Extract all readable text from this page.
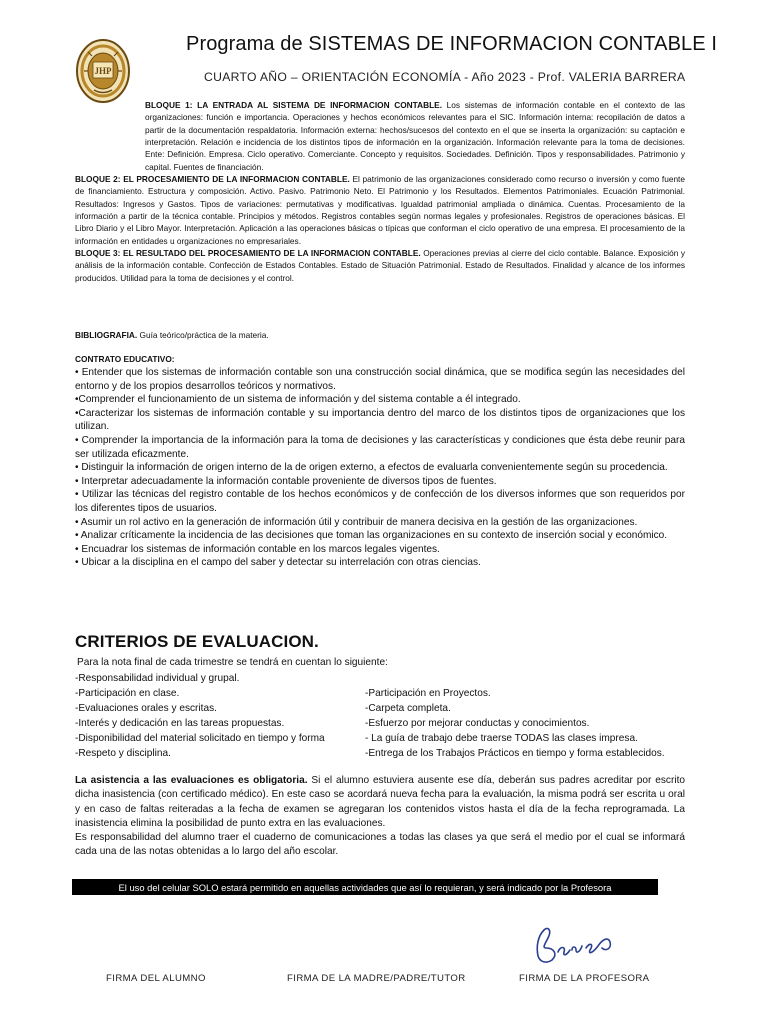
JHP
Programa de SISTEMAS DE INFORMACION CONTABLE I
CUARTO AÑO – ORIENTACIÓN ECONOMÍA - Año 2023 - Prof. VALERIA BARRERA

BLOQUE 1: LA ENTRADA AL SISTEMA DE INFORMACION CONTABLE. Los sistemas de información contable en el contexto de las organizaciones: función e importancia. Operaciones y hechos económicos relevantes para el SIC. Información interna: recopilación de datos a partir de la documentación respaldatoria. Información externa: hechos/sucesos del contexto en el que se inserta la organización: su captación e interpretación. Relación e incidencia de los distintos tipos de información en la organización. Información relevante para la toma de decisiones. Ente: Definición. Empresa. Ciclo operativo. Comerciante. Concepto y requisitos. Sociedades. Definición. Tipos y responsabilidades. Patrimonio y capital. Fuentes de financiación.

BLOQUE 2: EL PROCESAMIENTO DE LA INFORMACION CONTABLE. El patrimonio de las organizaciones considerado como recurso o inversión y como fuente de financiamiento. Estructura y composición. Activo. Pasivo. Patrimonio Neto. El Patrimonio y los Resultados. Elementos Patrimoniales. Ecuación Patrimonial. Resultados: Ingresos y Gastos. Tipos de variaciones: permutativas y modificativas. Igualdad patrimonial ampliada o dinámica. Cuentas. Procesamiento de la información a partir de la técnica contable. Principios y métodos. Registros contables según normas legales y profesionales. Registros de operaciones básicas. El Libro Diario y el Libro Mayor. Interpretación. Aplicación a las operaciones básicas o típicas que conforman el ciclo operativo de una empresa. El procesamiento de la información en entidades u organizaciones no empresariales.

BLOQUE 3: EL RESULTADO DEL PROCESAMIENTO DE LA INFORMACION CONTABLE. Operaciones previas al cierre del ciclo contable. Balance. Exposición y análisis de la información contable. Confección de Estados Contables. Estado de Situación Patrimonial. Estado de Resultados. Finalidad y alcance de los informes producidos. Utilidad para la toma de decisiones y el control.

BIBLIOGRAFIA. Guía teórico/práctica de la materia.
CONTRATO EDUCATIVO:

• Entender que los sistemas de información contable son una construcción social dinámica, que se modifica según las necesidades del entorno y de los propios desarrollos teóricos y normativos.

•Comprender el funcionamiento de un sistema de información y del sistema contable a él integrado.

•Caracterizar los sistemas de información contable y su importancia dentro del marco de los distintos tipos de organizaciones que los utilizan.

• Comprender la importancia de la información para la toma de decisiones y las características y condiciones que ésta debe reunir para ser utilizada eficazmente.

• Distinguir la información de origen interno de la de origen externo, a efectos de evaluarla convenientemente según su procedencia.

• Interpretar adecuadamente la información contable proveniente de diversos tipos de fuentes.

• Utilizar las técnicas del registro contable de los hechos económicos y de confección de los diversos informes que son requeridos por los diferentes tipos de usuarios.

• Asumir un rol activo en la generación de información útil y contribuir de manera decisiva en la gestión de las organizaciones.

• Analizar críticamente la incidencia de las decisiones que toman las organizaciones en su contexto de inserción social y económico.

• Encuadrar los sistemas de información contable en los marcos legales vigentes.

• Ubicar a la disciplina en el campo del saber y detectar su interrelación con otras ciencias.

CRITERIOS DE EVALUACION.
Para la nota final de cada trimestre se tendrá en cuentan lo siguiente:
-Responsabilidad individual y grupal.
-Participación en clase.
-Evaluaciones orales y escritas.
-Interés y dedicación en las tareas propuestas.
-Disponibilidad del material solicitado en tiempo y forma
-Respeto y disciplina.
-Participación en Proyectos.
-Carpeta completa.
-Esfuerzo por mejorar conductas y conocimientos.
- La guía de trabajo debe traerse TODAS las clases impresa.
-Entrega de los Trabajos Prácticos en tiempo y forma establecidos.

La asistencia a las evaluaciones es obligatoria. Si el alumno estuviera ausente ese día, deberán sus padres acreditar por escrito dicha inasistencia (con certificado médico). En este caso se acordará nueva fecha para la evaluación, la misma podrá ser escrita u oral y en caso de faltas reiteradas a la fecha de examen se agregaran los contenidos vistos hasta el día de la fecha reprogramada. La inasistencia elimina la posibilidad de punto extra en las evaluaciones.

Es responsabilidad del alumno traer el cuaderno de comunicaciones a todas las clases ya que será el medio por el cual se informará cada una de las notas obtenidas a lo largo del año escolar.

El uso del celular SOLO estará permitido en aquellas actividades que así lo requieran, y será indicado por la Profesora
FIRMA DEL ALUMNO	FIRMA DE LA MADRE/PADRE/TUTOR	FIRMA DE LA PROFESORA
